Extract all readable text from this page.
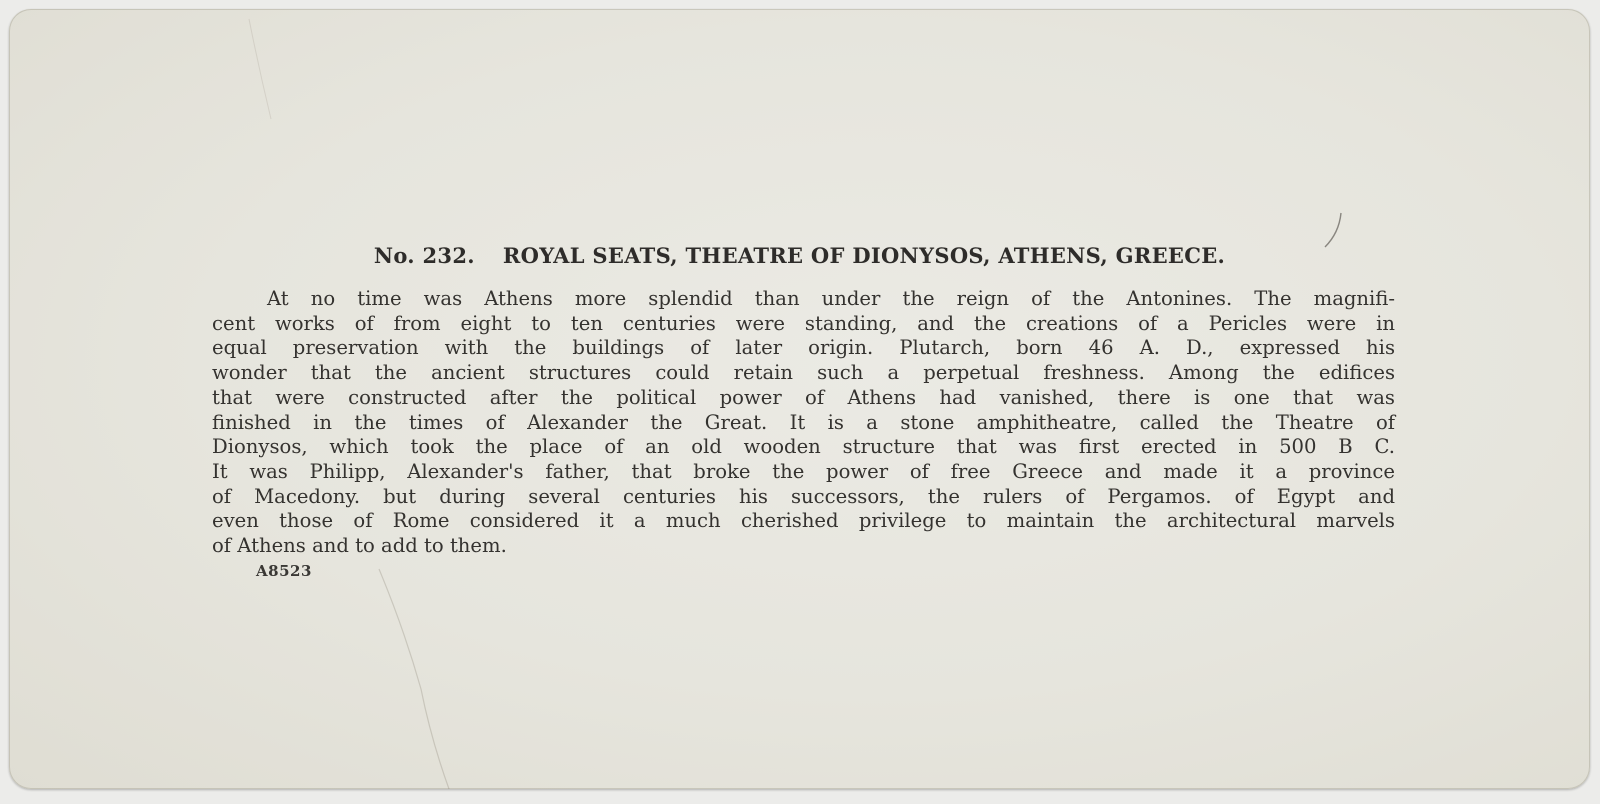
No. 232. ROYAL SEATS, THEATRE OF DIONYSOS, ATHENS, GREECE.
At no time was Athens more splendid than under the reign of the Antonines. The magnifi-
cent works of from eight to ten centuries were standing, and the creations of a Pericles were in
equal preservation with the buildings of later origin. Plutarch, born 46 A. D., expressed his
wonder that the ancient structures could retain such a perpetual freshness. Among the edifices
that were constructed after the political power of Athens had vanished, there is one that was
finished in the times of Alexander the Great. It is a stone amphitheatre, called the Theatre of
Dionysos, which took the place of an old wooden structure that was first erected in 500 B C.
It was Philipp, Alexander's father, that broke the power of free Greece and made it a province
of Macedony. but during several centuries his successors, the rulers of Pergamos. of Egypt and
even those of Rome considered it a much cherished privilege to maintain the architectural marvels
of Athens and to add to them.
A8523
